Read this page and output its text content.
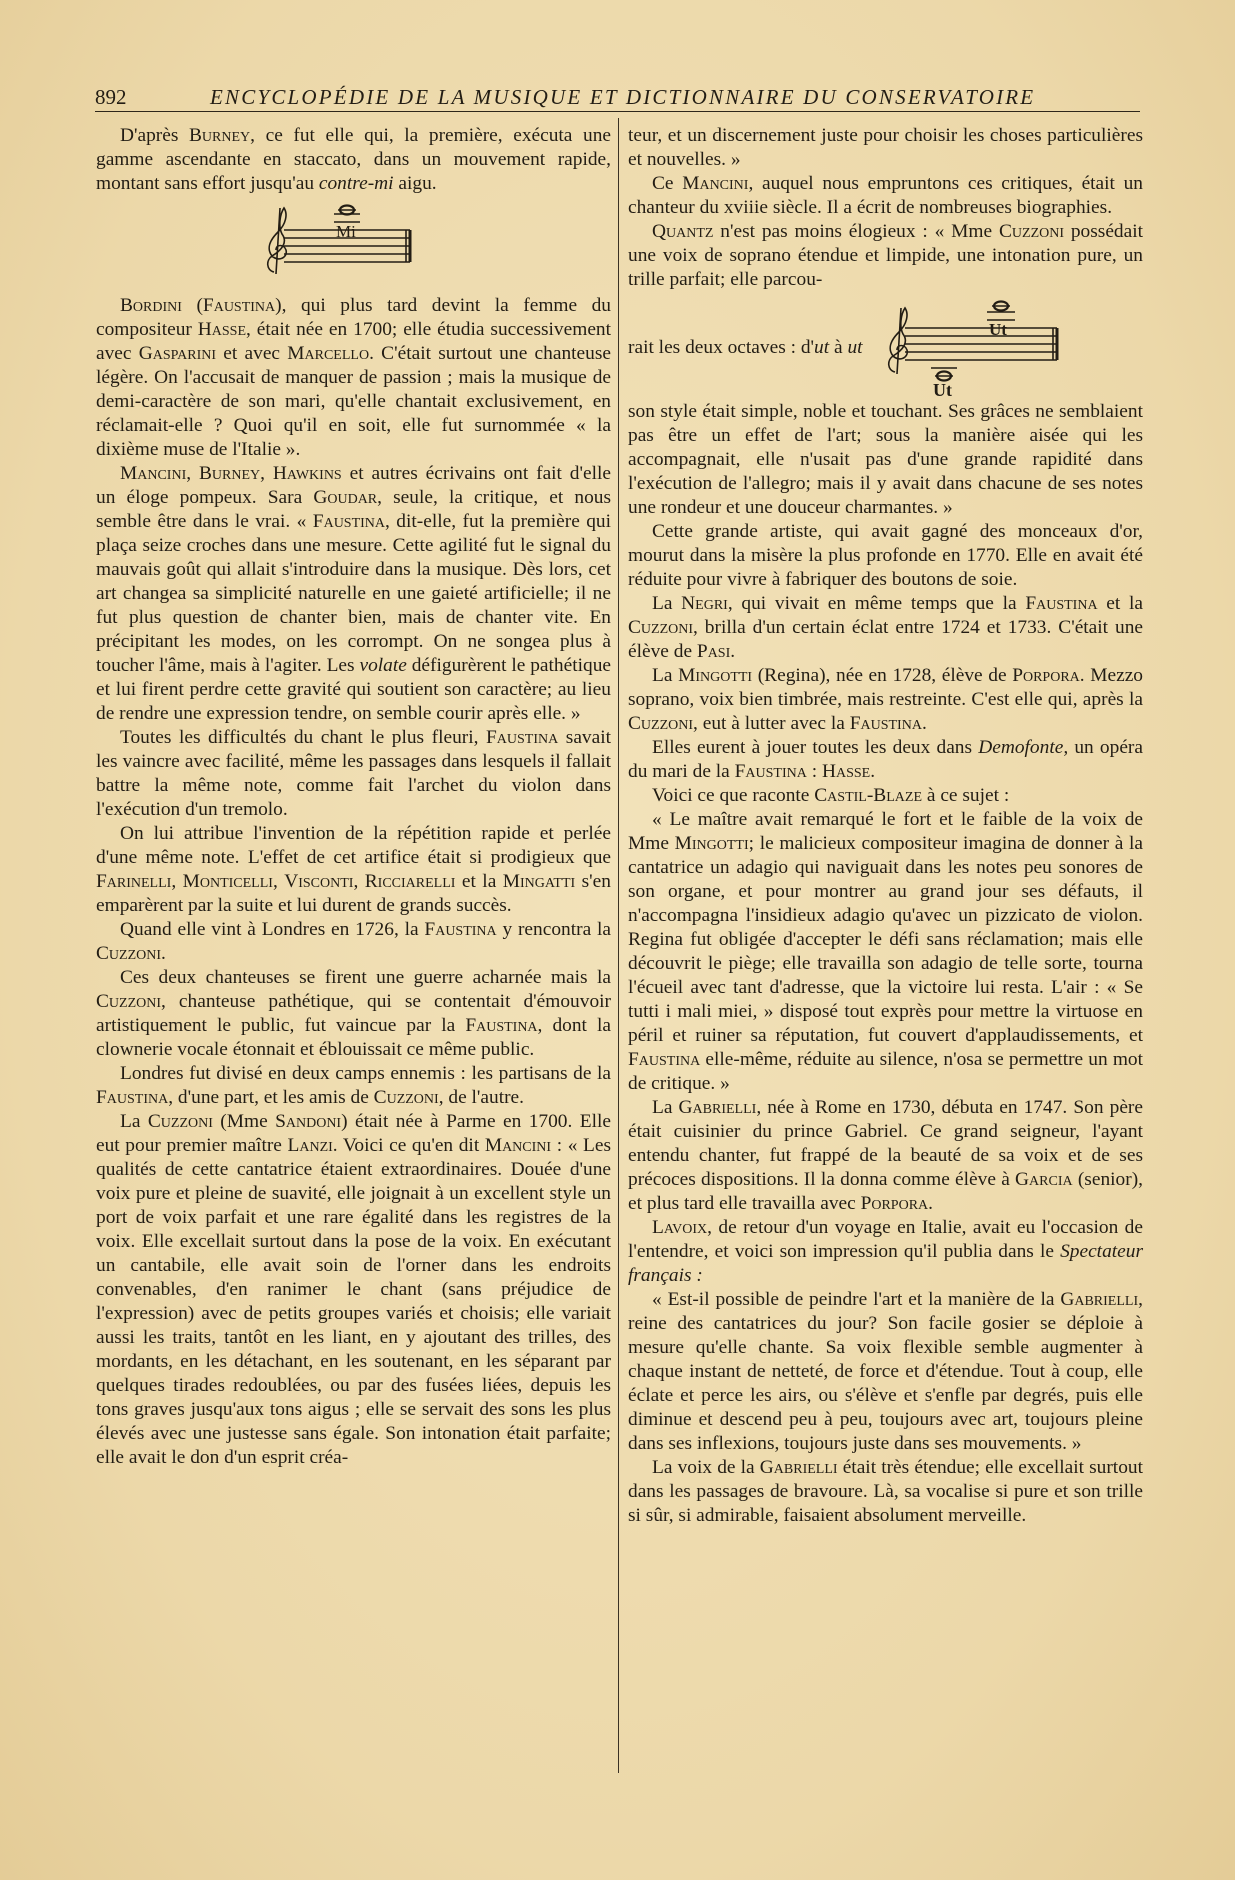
892	ENCYCLOPÉDIE DE LA MUSIQUE ET DICTIONNAIRE DU CONSERVATOIRE

D'après Burney, ce fut elle qui, la première, exécuta une gamme ascendante en staccato, dans un mouvement rapide, montant sans effort jusqu'au contre-mi aigu.

Mi

Bordini (Faustina), qui plus tard devint la femme du compositeur Hasse, était née en 1700; elle étudia successivement avec Gasparini et avec Marcello. C'était surtout une chanteuse légère. On l'accusait de manquer de passion ; mais la musique de demi-caractère de son mari, qu'elle chantait exclusivement, en réclamait-elle ? Quoi qu'il en soit, elle fut surnommée « la dixième muse de l'Italie ».

Mancini, Burney, Hawkins et autres écrivains ont fait d'elle un éloge pompeux. Sara Goudar, seule, la critique, et nous semble être dans le vrai. « Faustina, dit-elle, fut la première qui plaça seize croches dans une mesure. Cette agilité fut le signal du mauvais goût qui allait s'introduire dans la musique. Dès lors, cet art changea sa simplicité naturelle en une gaieté artificielle; il ne fut plus question de chanter bien, mais de chanter vite. En précipitant les modes, on les corrompt. On ne songea plus à toucher l'âme, mais à l'agiter. Les volate défigurèrent le pathétique et lui firent perdre cette gravité qui soutient son caractère; au lieu de rendre une expression tendre, on semble courir après elle. »

Toutes les difficultés du chant le plus fleuri, Faustina savait les vaincre avec facilité, même les passages dans lesquels il fallait battre la même note, comme fait l'archet du violon dans l'exécution d'un tremolo.

On lui attribue l'invention de la répétition rapide et perlée d'une même note. L'effet de cet artifice était si prodigieux que Farinelli, Monticelli, Visconti, Ricciarelli et la Mingatti s'en emparèrent par la suite et lui durent de grands succès.

Quand elle vint à Londres en 1726, la Faustina y rencontra la Cuzzoni.

Ces deux chanteuses se firent une guerre acharnée mais la Cuzzoni, chanteuse pathétique, qui se contentait d'émouvoir artistiquement le public, fut vaincue par la Faustina, dont la clownerie vocale étonnait et éblouissait ce même public.

Londres fut divisé en deux camps ennemis : les partisans de la Faustina, d'une part, et les amis de Cuzzoni, de l'autre.

La Cuzzoni (Mme Sandoni) était née à Parme en 1700. Elle eut pour premier maître Lanzi. Voici ce qu'en dit Mancini : « Les qualités de cette cantatrice étaient extraordinaires. Douée d'une voix pure et pleine de suavité, elle joignait à un excellent style un port de voix parfait et une rare égalité dans les registres de la voix. Elle excellait surtout dans la pose de la voix. En exécutant un cantabile, elle avait soin de l'orner dans les endroits convenables, d'en ranimer le chant (sans préjudice de l'expression) avec de petits groupes variés et choisis; elle variait aussi les traits, tantôt en les liant, en y ajoutant des trilles, des mordants, en les détachant, en les soutenant, en les séparant par quelques tirades redoublées, ou par des fusées liées, depuis les tons graves jusqu'aux tons aigus ; elle se servait des sons les plus élevés avec une justesse sans égale. Son intonation était parfaite; elle avait le don d'un esprit créa-

teur, et un discernement juste pour choisir les choses particulières et nouvelles. »

Ce Mancini, auquel nous empruntons ces critiques, était un chanteur du xviiie siècle. Il a écrit de nombreuses biographies.

Quantz n'est pas moins élogieux : « Mme Cuzzoni possédait une voix de soprano étendue et limpide, une intonation pure, un trille parfait; elle parcou-

rait les deux octaves : d'ut à ut
Ut
Ut

son style était simple, noble et touchant. Ses grâces ne semblaient pas être un effet de l'art; sous la manière aisée qui les accompagnait, elle n'usait pas d'une grande rapidité dans l'exécution de l'allegro; mais il y avait dans chacune de ses notes une rondeur et une douceur charmantes. »

Cette grande artiste, qui avait gagné des monceaux d'or, mourut dans la misère la plus profonde en 1770. Elle en avait été réduite pour vivre à fabriquer des boutons de soie.

La Negri, qui vivait en même temps que la Faustina et la Cuzzoni, brilla d'un certain éclat entre 1724 et 1733. C'était une élève de Pasi.

La Mingotti (Regina), née en 1728, élève de Porpora. Mezzo soprano, voix bien timbrée, mais restreinte. C'est elle qui, après la Cuzzoni, eut à lutter avec la Faustina.

Elles eurent à jouer toutes les deux dans Demofonte, un opéra du mari de la Faustina : Hasse.

Voici ce que raconte Castil-Blaze à ce sujet :

« Le maître avait remarqué le fort et le faible de la voix de Mme Mingotti; le malicieux compositeur imagina de donner à la cantatrice un adagio qui naviguait dans les notes peu sonores de son organe, et pour montrer au grand jour ses défauts, il n'accompagna l'insidieux adagio qu'avec un pizzicato de violon. Regina fut obligée d'accepter le défi sans réclamation; mais elle découvrit le piège; elle travailla son adagio de telle sorte, tourna l'écueil avec tant d'adresse, que la victoire lui resta. L'air : « Se tutti i mali miei, » disposé tout exprès pour mettre la virtuose en péril et ruiner sa réputation, fut couvert d'applaudissements, et Faustina elle-même, réduite au silence, n'osa se permettre un mot de critique. »

La Gabrielli, née à Rome en 1730, débuta en 1747. Son père était cuisinier du prince Gabriel. Ce grand seigneur, l'ayant entendu chanter, fut frappé de la beauté de sa voix et de ses précoces dispositions. Il la donna comme élève à Garcia (senior), et plus tard elle travailla avec Porpora.

Lavoix, de retour d'un voyage en Italie, avait eu l'occasion de l'entendre, et voici son impression qu'il publia dans le Spectateur français :

« Est-il possible de peindre l'art et la manière de la Gabrielli, reine des cantatrices du jour? Son facile gosier se déploie à mesure qu'elle chante. Sa voix flexible semble augmenter à chaque instant de netteté, de force et d'étendue. Tout à coup, elle éclate et perce les airs, ou s'élève et s'enfle par degrés, puis elle diminue et descend peu à peu, toujours avec art, toujours pleine dans ses inflexions, toujours juste dans ses mouvements. »

La voix de la Gabrielli était très étendue; elle excellait surtout dans les passages de bravoure. Là, sa vocalise si pure et son trille si sûr, si admirable, faisaient absolument merveille.
